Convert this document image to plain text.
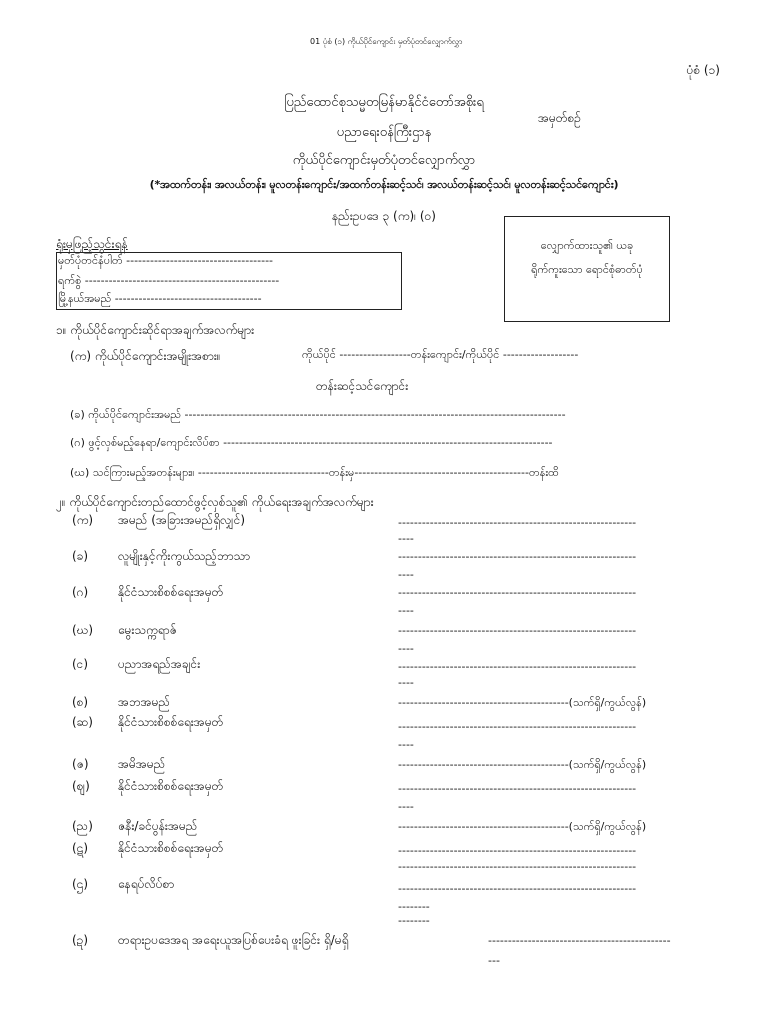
01 ပုံစံ (၁) ကိုယ်ပိုင်ကျောင်း မှတ်ပုံတင်လျှောက်လွှာ
ပုံစံ (၁)
ပြည်ထောင်စုသမ္မတမြန်မာနိုင်ငံတော်အစိုးရ
ပညာရေးဝန်ကြီးဌာန
အမှတ်စဉ်
ကိုယ်ပိုင်ကျောင်းမှတ်ပုံတင်လျှောက်လွှာ
(*အထက်တန်း၊ အလယ်တန်း၊ မူလတန်းကျောင်း/အထက်တန်းဆင့်သင်၊ အလယ်တန်းဆင့်သင်၊ မူလတန်းဆင့်သင်ကျောင်း)
နည်းဥပဒေ ၃ (က)၊ (၀)
လျှောက်ထားသူ၏ ယခု
ရိုက်ကူးသော ရောင်စုံဓာတ်ပုံ
ရုံးမှဖြည့်သွင်းရန်
မှတ်ပုံတင်နံပါတ် -------------------------------------
ရက်စွဲ -------------------------------------------------
မြို့နယ်အမည် -------------------------------------
၁။ ကိုယ်ပိုင်ကျောင်းဆိုင်ရာအချက်အလက်များ
(က) ကိုယ်ပိုင်ကျောင်းအမျိုးအစား။	ကိုယ်ပိုင် ------------------တန်းကျောင်း/ကိုယ်ပိုင် -------------------
တန်းဆင့်သင်ကျောင်း
(ခ) ကိုယ်ပိုင်ကျောင်းအမည် ------------------------------------------------------------------------------------------------
(ဂ) ဖွင့်လှစ်မည့်နေရာ/ကျောင်းလိပ်စာ -----------------------------------------------------------------------------------
(ဃ) သင်ကြားမည့်အတန်းများ။ ---------------------------------တန်းမှ--------------------------------------------တန်းထိ
၂။ ကိုယ်ပိုင်ကျောင်းတည်ထောင်ဖွင့်လှစ်သူ၏ ကိုယ်ရေးအချက်အလက်များ
(က) အမည် (အခြားအမည်ရှိလျှင်)	------------------------------------------------------------
----
(ခ) လူမျိုးနှင့်ကိုးကွယ်သည့်ဘာသာ	------------------------------------------------------------
----
(ဂ) နိုင်ငံသားစိစစ်ရေးအမှတ်	------------------------------------------------------------
----
(ဃ) မွေးသက္ကရာဇ်	------------------------------------------------------------
----
(င) ပညာအရည်အချင်း	------------------------------------------------------------
----
(စ) အဘအမည်	-------------------------------------------(သက်ရှိ/ကွယ်လွန်)
(ဆ) နိုင်ငံသားစိစစ်ရေးအမှတ်	------------------------------------------------------------
----
(ဇ) အမိအမည်	-------------------------------------------(သက်ရှိ/ကွယ်လွန်)
(ဈ) နိုင်ငံသားစိစစ်ရေးအမှတ်	------------------------------------------------------------
----
(ည) ဇနီး/ခင်ပွန်းအမည်	-------------------------------------------(သက်ရှိ/ကွယ်လွန်)
(ဋ) နိုင်ငံသားစိစစ်ရေးအမှတ်	------------------------------------------------------------
(ဌ) နေရပ်လိပ်စာ
------------------------------------------------------------
------------------------------------------------------------
--------
--------
(ဍ) တရားဥပဒေအရ အရေးယူအပြစ်ပေးခံရ ဖူးခြင်း ရှိ/မရှိ	----------------------------------------------
---
